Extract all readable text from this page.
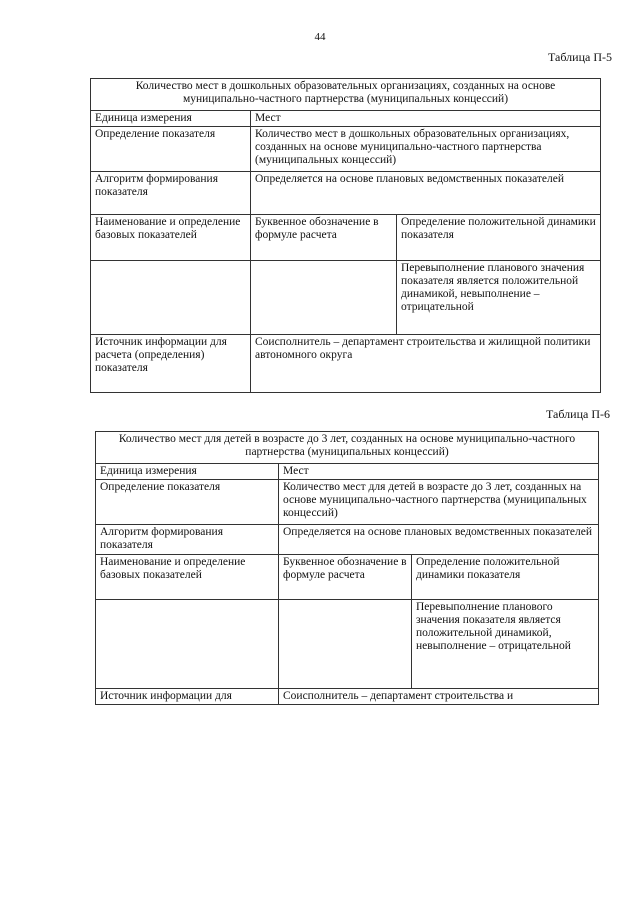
44
Таблица П-5
Количество мест в дошкольных образовательных организациях, созданных на основе муниципально-частного партнерства (муниципальных концессий)		
Единица измерения	Мест	
Определение показателя	Количество мест в дошкольных образовательных организациях, созданных на основе муниципально-частного партнерства (муниципальных концессий)	
Алгоритм формирования показателя	Определяется на основе плановых ведомственных показателей	
Наименование и определение базовых показателей	Буквенное обозначение в формуле расчета	Определение положительной динамики показателя
		Перевыполнение планового значения показателя является положительной динамикой, невыполнение – отрицательной
Источник информации для расчета (определения) показателя	Соисполнитель – департамент строительства и жилищной политики автономного округа	
Таблица П-6
Количество мест для детей в возрасте до 3 лет, созданных на основе муниципально-частного партнерства (муниципальных концессий)		
Единица измерения	Мест	
Определение показателя	Количество мест для детей в возрасте до 3 лет, созданных на основе муниципально-частного партнерства (муниципальных концессий)	
Алгоритм формирования показателя	Определяется на основе плановых ведомственных показателей	
Наименование и определение базовых показателей	Буквенное обозначение в формуле расчета	Определение положительной динамики показателя
		Перевыполнение планового значения показателя является положительной динамикой, невыполнение – отрицательной
Источник информации для	Соисполнитель – департамент строительства и	
